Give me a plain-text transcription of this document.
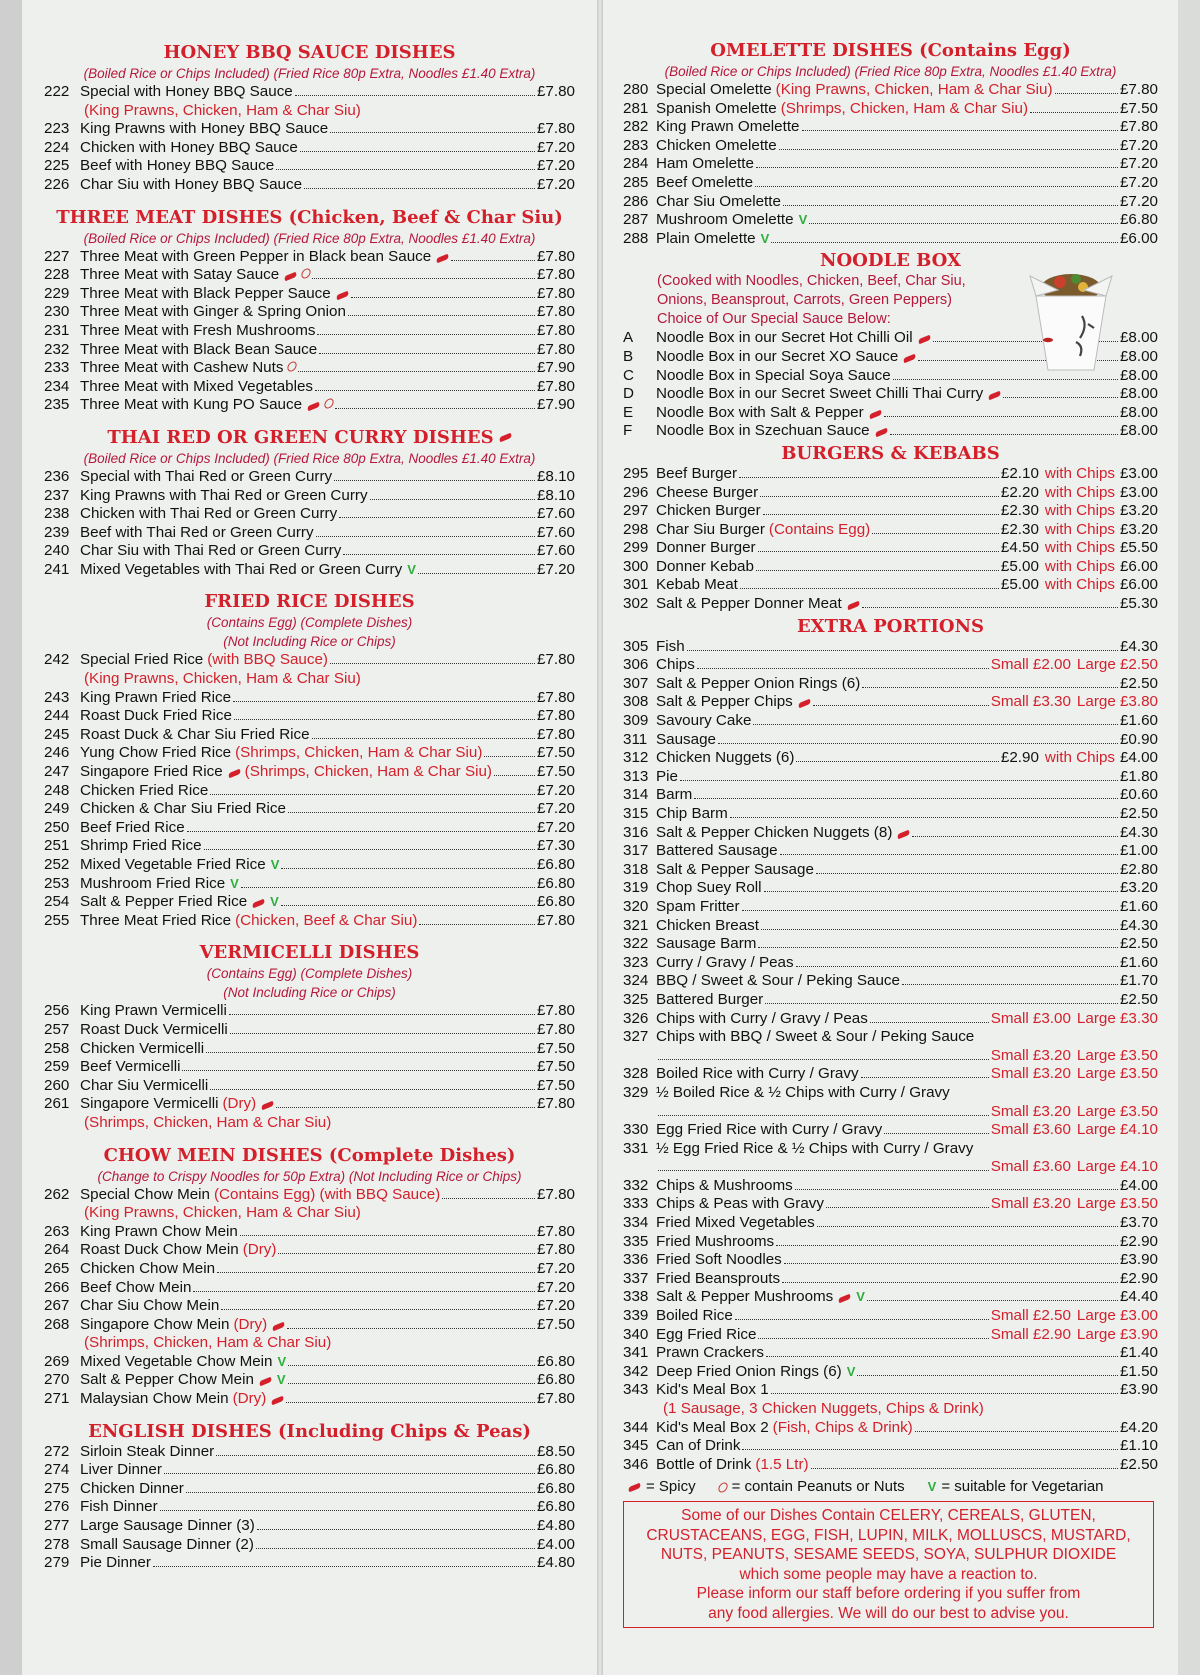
HONEY BBQ SAUCE DISHES
(Boiled Rice or Chips Included) (Fried Rice 80p Extra, Noodles £1.40 Extra)
222 Special with Honey BBQ Sauce	£7.80
(King Prawns, Chicken, Ham & Char Siu)
223 King Prawns with Honey BBQ Sauce	£7.80
224 Chicken with Honey BBQ Sauce	£7.20
225 Beef with Honey BBQ Sauce	£7.20
226 Char Siu with Honey BBQ Sauce	£7.20
THREE MEAT DISHES (Chicken, Beef & Char Siu)
(Boiled Rice or Chips Included) (Fried Rice 80p Extra, Noodles £1.40 Extra)
227 Three Meat with Green Pepper in Black bean Sauce	£7.80
228 Three Meat with Satay Sauce	£7.80
229 Three Meat with Black Pepper Sauce	£7.80
230 Three Meat with Ginger & Spring Onion	£7.80
231 Three Meat with Fresh Mushrooms	£7.80
232 Three Meat with Black Bean Sauce	£7.80
233 Three Meat with Cashew Nuts	£7.90
234 Three Meat with Mixed Vegetables	£7.80
235 Three Meat with Kung PO Sauce	£7.90
THAI RED OR GREEN CURRY DISHES
(Boiled Rice or Chips Included) (Fried Rice 80p Extra, Noodles £1.40 Extra)
236 Special with Thai Red or Green Curry	£8.10
237 King Prawns with Thai Red or Green Curry	£8.10
238 Chicken with Thai Red or Green Curry	£7.60
239 Beef with Thai Red or Green Curry	£7.60
240 Char Siu with Thai Red or Green Curry	£7.60
241 Mixed Vegetables with Thai Red or Green Curry V	£7.20
FRIED RICE DISHES
(Contains Egg) (Complete Dishes)
(Not Including Rice or Chips)
242 Special Fried Rice (with BBQ Sauce)	£7.80
(King Prawns, Chicken, Ham & Char Siu)
243 King Prawn Fried Rice	£7.80
244 Roast Duck Fried Rice	£7.80
245 Roast Duck & Char Siu Fried Rice	£7.80
246 Yung Chow Fried Rice (Shrimps, Chicken, Ham & Char Siu)	£7.50
247 Singapore Fried Rice (Shrimps, Chicken, Ham & Char Siu)	£7.50
248 Chicken Fried Rice	£7.20
249 Chicken & Char Siu Fried Rice	£7.20
250 Beef Fried Rice	£7.20
251 Shrimp Fried Rice	£7.30
252 Mixed Vegetable Fried Rice V	£6.80
253 Mushroom Fried Rice V	£6.80
254 Salt & Pepper Fried Rice V	£6.80
255 Three Meat Fried Rice (Chicken, Beef & Char Siu)	£7.80
VERMICELLI DISHES
(Contains Egg) (Complete Dishes)
(Not Including Rice or Chips)
256 King Prawn Vermicelli	£7.80
257 Roast Duck Vermicelli	£7.80
258 Chicken Vermicelli	£7.50
259 Beef Vermicelli	£7.50
260 Char Siu Vermicelli	£7.50
261 Singapore Vermicelli (Dry)	£7.80
(Shrimps, Chicken, Ham & Char Siu)
CHOW MEIN DISHES (Complete Dishes)
(Change to Crispy Noodles for 50p Extra) (Not Including Rice or Chips)
262 Special Chow Mein (Contains Egg) (with BBQ Sauce)	£7.80
(King Prawns, Chicken, Ham & Char Siu)
263 King Prawn Chow Mein	£7.80
264 Roast Duck Chow Mein (Dry)	£7.80
265 Chicken Chow Mein	£7.20
266 Beef Chow Mein	£7.20
267 Char Siu Chow Mein	£7.20
268 Singapore Chow Mein (Dry)	£7.50
(Shrimps, Chicken, Ham & Char Siu)
269 Mixed Vegetable Chow Mein V	£6.80
270 Salt & Pepper Chow Mein V	£6.80
271 Malaysian Chow Mein (Dry)	£7.80
ENGLISH DISHES (Including Chips & Peas)
272 Sirloin Steak Dinner	£8.50
274 Liver Dinner	£6.80
275 Chicken Dinner	£6.80
276 Fish Dinner	£6.80
277 Large Sausage Dinner (3)	£4.80
278 Small Sausage Dinner (2)	£4.00
279 Pie Dinner	£4.80
OMELETTE DISHES (Contains Egg)
(Boiled Rice or Chips Included) (Fried Rice 80p Extra, Noodles £1.40 Extra)
280 Special Omelette (King Prawns, Chicken, Ham & Char Siu)	£7.80
281 Spanish Omelette (Shrimps, Chicken, Ham & Char Siu)	£7.50
282 King Prawn Omelette	£7.80
283 Chicken Omelette	£7.20
284 Ham Omelette	£7.20
285 Beef Omelette	£7.20
286 Char Siu Omelette	£7.20
287 Mushroom Omelette V	£6.80
288 Plain Omelette V	£6.00
NOODLE BOX
(Cooked with Noodles, Chicken, Beef, Char Siu,
Onions, Beansprout, Carrots, Green Peppers)
Choice of Our Special Sauce Below:
A	Noodle Box in our Secret Hot Chilli Oil	£8.00
B	Noodle Box in our Secret XO Sauce	£8.00
C	Noodle Box in Special Soya Sauce	£8.00
D	Noodle Box in our Secret Sweet Chilli Thai Curry	£8.00
E	Noodle Box with Salt & Pepper	£8.00
F	Noodle Box in Szechuan Sauce	£8.00
BURGERS & KEBABS
295 Beef Burger	£2.10 with Chips £3.00
296 Cheese Burger	£2.20 with Chips £3.00
297 Chicken Burger	£2.30 with Chips £3.20
298 Char Siu Burger (Contains Egg)	£2.30 with Chips £3.20
299 Donner Burger	£4.50 with Chips £5.50
300 Donner Kebab	£5.00 with Chips £6.00
301 Kebab Meat	£5.00 with Chips £6.00
302 Salt & Pepper Donner Meat	£5.30
EXTRA PORTIONS
305 Fish	£4.30
306 Chips	Small £2.00 Large £2.50
307 Salt & Pepper Onion Rings (6)	£2.50
308 Salt & Pepper Chips	Small £3.30 Large £3.80
309 Savoury Cake	£1.60
311 Sausage	£0.90
312 Chicken Nuggets (6)	£2.90 with Chips £4.00
313 Pie	£1.80
314 Barm	£0.60
315 Chip Barm	£2.50
316 Salt & Pepper Chicken Nuggets (8)	£4.30
317 Battered Sausage	£1.00
318 Salt & Pepper Sausage	£2.80
319 Chop Suey Roll	£3.20
320 Spam Fritter	£1.60
321 Chicken Breast	£4.30
322 Sausage Barm	£2.50
323 Curry / Gravy / Peas	£1.60
324 BBQ / Sweet & Sour / Peking Sauce	£1.70
325 Battered Burger	£2.50
326 Chips with Curry / Gravy / Peas	Small £3.00 Large £3.30
327 Chips with BBQ / Sweet & Sour / Peking Sauce
Small £3.20 Large £3.50
328 Boiled Rice with Curry / Gravy	Small £3.20 Large £3.50
329 ½ Boiled Rice & ½ Chips with Curry / Gravy
Small £3.20 Large £3.50
330 Egg Fried Rice with Curry / Gravy	Small £3.60 Large £4.10
331 ½ Egg Fried Rice & ½ Chips with Curry / Gravy
Small £3.60 Large £4.10
332 Chips & Mushrooms	£4.00
333 Chips & Peas with Gravy	Small £3.20 Large £3.50
334 Fried Mixed Vegetables	£3.70
335 Fried Mushrooms	£2.90
336 Fried Soft Noodles	£3.90
337 Fried Beansprouts	£2.90
338 Salt & Pepper Mushrooms V	£4.40
339 Boiled Rice	Small £2.50 Large £3.00
340 Egg Fried Rice	Small £2.90 Large £3.90
341 Prawn Crackers	£1.40
342 Deep Fried Onion Rings (6) V	£1.50
343 Kid's Meal Box 1	£3.90
(1 Sausage, 3 Chicken Nuggets, Chips & Drink)
344 Kid's Meal Box 2 (Fish, Chips & Drink)	£4.20
345 Can of Drink	£1.10
346 Bottle of Drink (1.5 Ltr)	£2.50
= Spicy	= contain Peanuts or Nuts	V = suitable for Vegetarian
Some of our Dishes Contain CELERY, CEREALS, GLUTEN,
CRUSTACEANS, EGG, FISH, LUPIN, MILK, MOLLUSCS, MUSTARD,
NUTS, PEANUTS, SESAME SEEDS, SOYA, SULPHUR DIOXIDE
which some people may have a reaction to.
Please inform our staff before ordering if you suffer from
any food allergies. We will do our best to advise you.
